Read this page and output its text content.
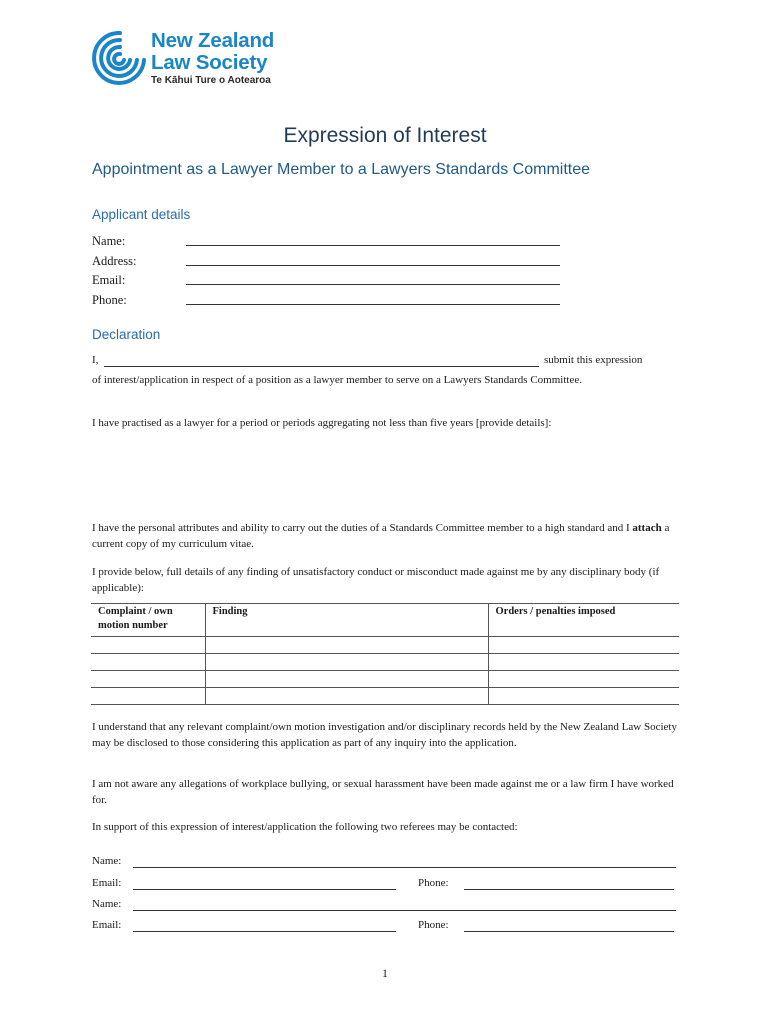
New Zealand
Law Society
Te Kāhui Ture o Aotearoa
Expression of Interest
Appointment as a Lawyer Member to a Lawyers Standards Committee
Applicant details
Name:
Address:
Email:
Phone:
Declaration
I,	submit this expression
of interest/application in respect of a position as a lawyer member to serve on a Lawyers Standards Committee.
I have practised as a lawyer for a period or periods aggregating not less than five years [provide details]:
I have the personal attributes and ability to carry out the duties of a Standards Committee member to a high standard and I attach a current copy of my curriculum vitae.
I provide below, full details of any finding of unsatisfactory conduct or misconduct made against me by any disciplinary body (if applicable):
Complaint / own motion number	Finding	Orders / penalties imposed

I understand that any relevant complaint/own motion investigation and/or disciplinary records held by the New Zealand Law Society may be disclosed to those considering this application as part of any inquiry into the application.
I am not aware any allegations of workplace bullying, or sexual harassment have been made against me or a law firm I have worked for.
In support of this expression of interest/application the following two referees may be contacted:
Name:
Email:	Phone:
Name:
Email:	Phone:
1
